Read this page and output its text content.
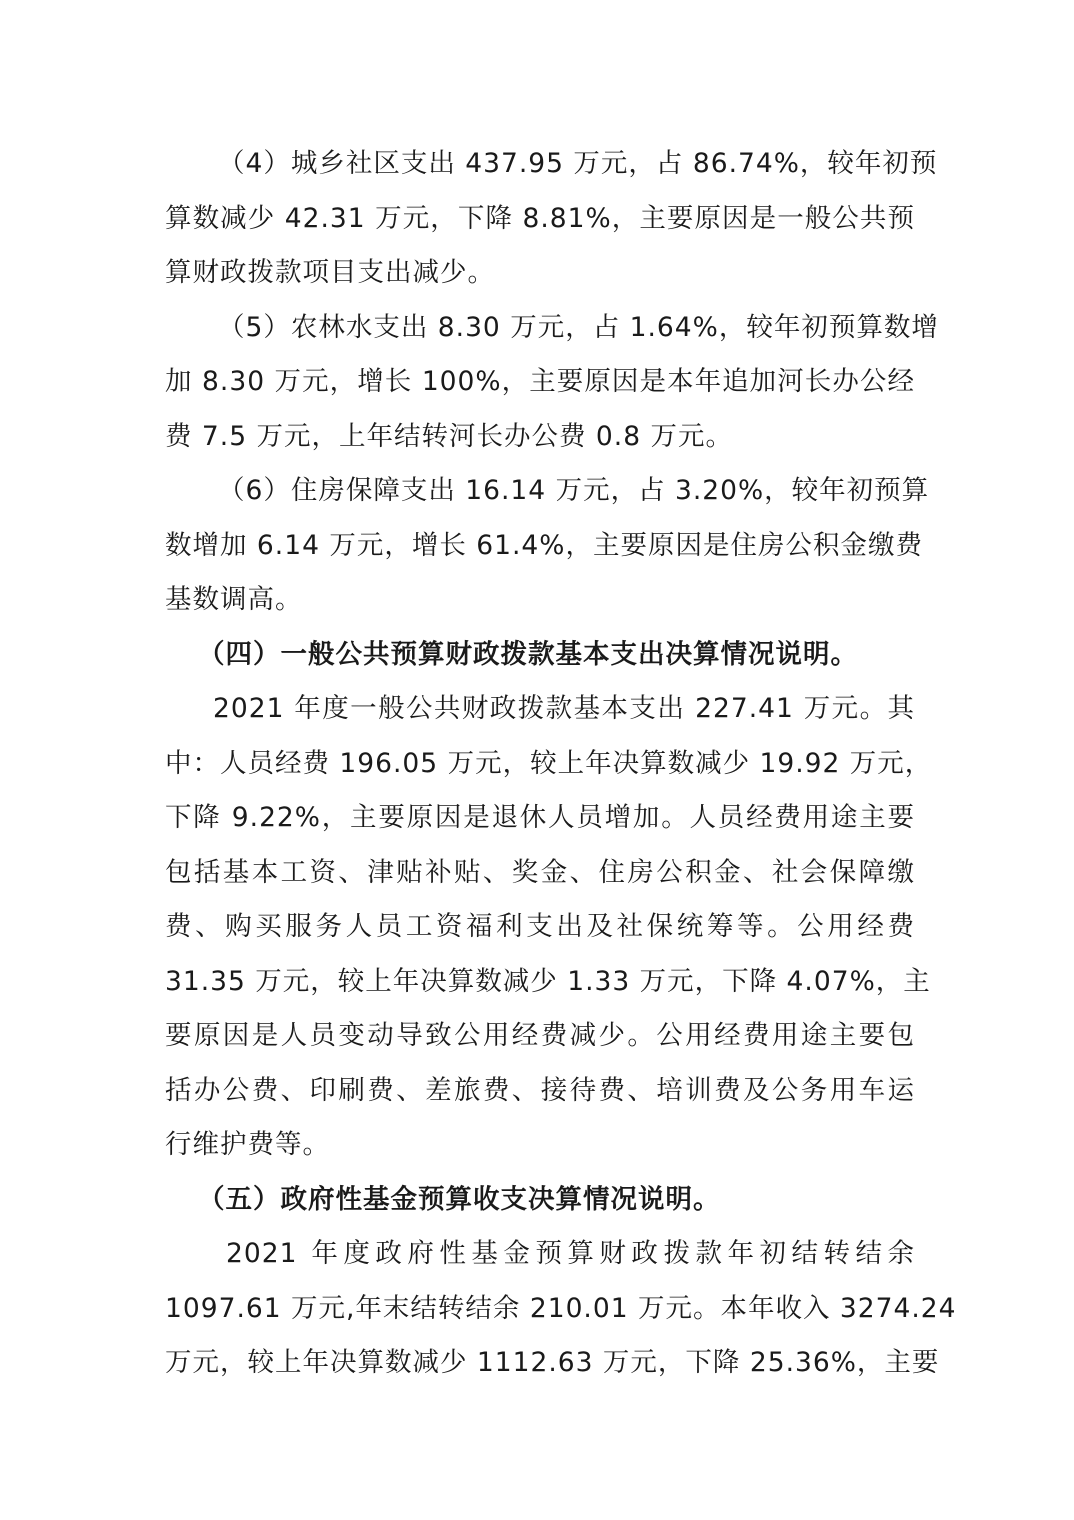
（4）城乡社区支出 437.95 万元，占 86.74%，较年初预
算数减少 42.31 万元，下降 8.81%，主要原因是一般公共预
算财政拨款项目支出减少。
（5）农林水支出 8.30 万元，占 1.64%，较年初预算数增
加 8.30 万元，增长 100%，主要原因是本年追加河长办公经
费 7.5 万元，上年结转河长办公费 0.8 万元。
（6）住房保障支出 16.14 万元，占 3.20%，较年初预算
数增加 6.14 万元，增长 61.4%，主要原因是住房公积金缴费
基数调高。
（四）一般公共预算财政拨款基本支出决算情况说明。
2021 年度一般公共财政拨款基本支出 227.41 万元。其
中：人员经费 196.05 万元，较上年决算数减少 19.92 万元，
下降 9.22%，主要原因是退休人员增加。人员经费用途主要
包括基本工资、津贴补贴、奖金、住房公积金、社会保障缴
费、购买服务人员工资福利支出及社保统筹等。公用经费
31.35 万元，较上年决算数减少 1.33 万元，下降 4.07%，主
要原因是人员变动导致公用经费减少。公用经费用途主要包
括办公费、印刷费、差旅费、接待费、培训费及公务用车运
行维护费等。
（五）政府性基金预算收支决算情况说明。
2021 年度政府性基金预算财政拨款年初结转结余
1097.61 万元,年末结转结余 210.01 万元。本年收入 3274.24
万元，较上年决算数减少 1112.63 万元，下降 25.36%，主要
